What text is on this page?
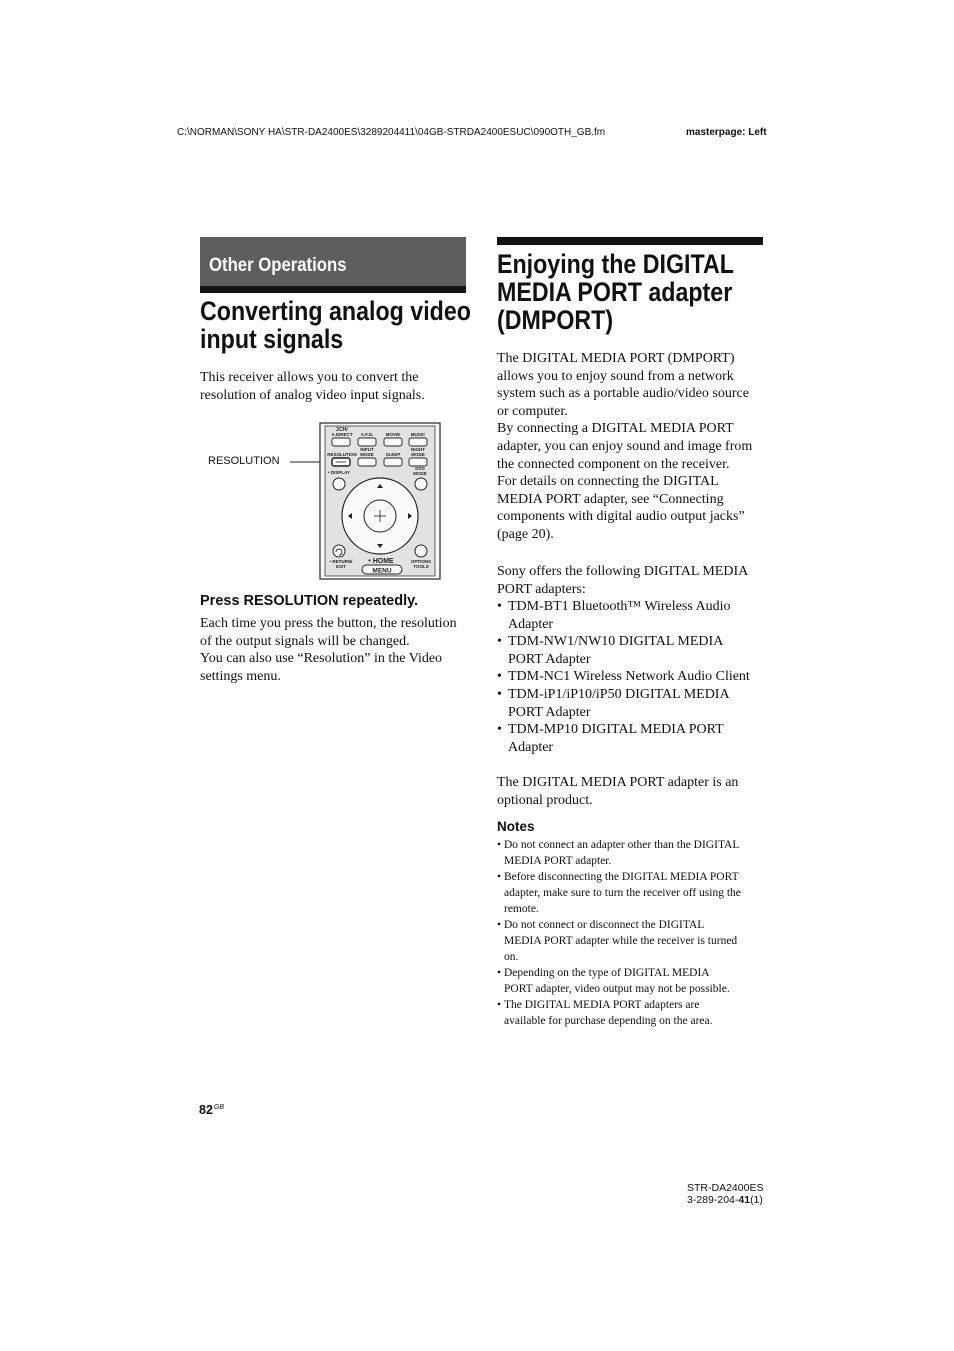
C:\NORMAN\SONY HA\STR-DA2400ES\3289204411\04GB-STRDA2400ESUC\090OTH_GB.fm	masterpage: Left
Other Operations
Converting analog video
input signals

This receiver allows you to convert the

resolution of analog video input signals.

RESOLUTION
2CH/
A.DIRECT A.F.D.	MOVIE MUSIC
RESOLUTION
INPUT
MODE	SLEEP
NIGHT
MODE
• DISPLAY
DVD
MODE
• RETURN/
EXIT
OPTIONS
TOOLS
• HOME
MENU
Press RESOLUTION repeatedly.

Each time you press the button, the resolution

of the output signals will be changed.

You can also use “Resolution” in the Video

settings menu.

Enjoying the DIGITAL
MEDIA PORT adapter
(DMPORT)

The DIGITAL MEDIA PORT (DMPORT)

allows you to enjoy sound from a network

system such as a portable audio/video source

or computer.

By connecting a DIGITAL MEDIA PORT

adapter, you can enjoy sound and image from

the connected component on the receiver.

For details on connecting the DIGITAL

MEDIA PORT adapter, see “Connecting

components with digital audio output jacks”

(page 20).

Sony offers the following DIGITAL MEDIA

PORT adapters:

• TDM-BT1 Bluetooth™ Wireless Audio
Adapter
• TDM-NW1/NW10 DIGITAL MEDIA
PORT Adapter
• TDM-NC1 Wireless Network Audio Client
• TDM-iP1/iP10/iP50 DIGITAL MEDIA
PORT Adapter
• TDM-MP10 DIGITAL MEDIA PORT
Adapter

The DIGITAL MEDIA PORT adapter is an

optional product.

Notes
• Do not connect an adapter other than the DIGITAL
MEDIA PORT adapter.
• Before disconnecting the DIGITAL MEDIA PORT
adapter, make sure to turn the receiver off using the
remote.
• Do not connect or disconnect the DIGITAL
MEDIA PORT adapter while the receiver is turned
on.
• Depending on the type of DIGITAL MEDIA
PORT adapter, video output may not be possible.
• The DIGITAL MEDIA PORT adapters are
available for purchase depending on the area.
$82^{GB}$
STR-DA2400ES
3-289-204-41(1)
